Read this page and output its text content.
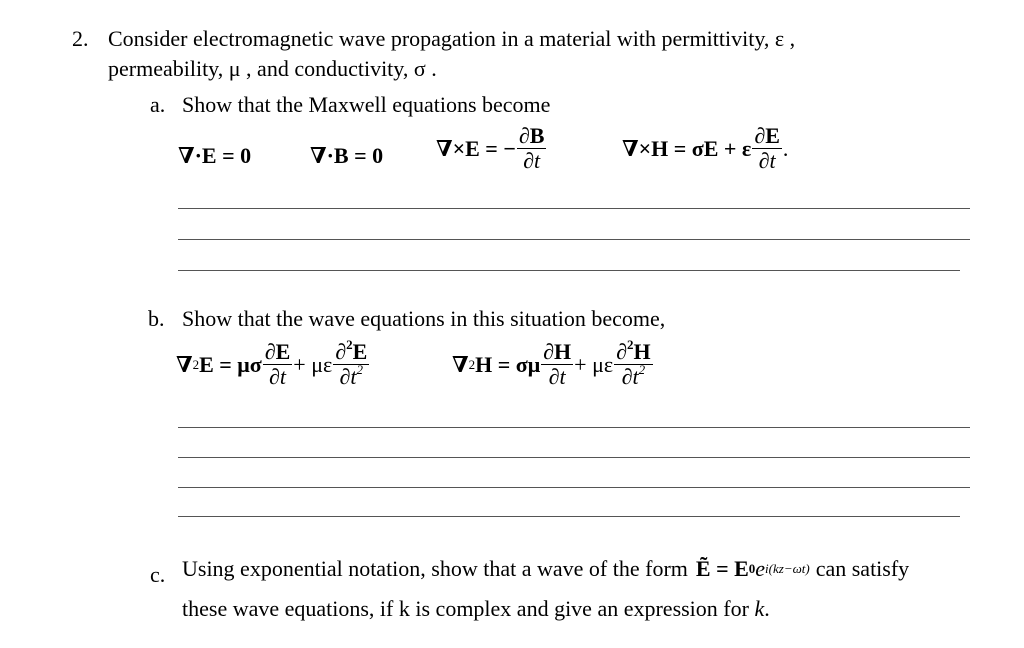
2. Consider electromagnetic wave propagation in a material with permittivity, ε ,
permeability, μ , and conductivity, σ .
a. Show that the Maxwell equations become
∇·E = 0	∇·B = 0 ∇×E = − $\frac{\partial B}{\partial t}$	∇×H = σE + ε $\frac{\partial E}{\partial t}$ .
b. Show that the wave equations in this situation become,
∇ 2 E = μσ $\frac{\partial E}{\partial t} + \mu\varepsilon \frac{\partial^2E}{\partial t^2}$	∇ 2 H = σμ $\frac{\partial H}{\partial t} + \mu\varepsilon \frac{\partial^2H}{\partial t^2}$
c. Using exponential notation, show that a wave of the form Ẽ = E 0 e i(kz−ωt) can satisfy
these wave equations, if k is complex and give an expression for k.
